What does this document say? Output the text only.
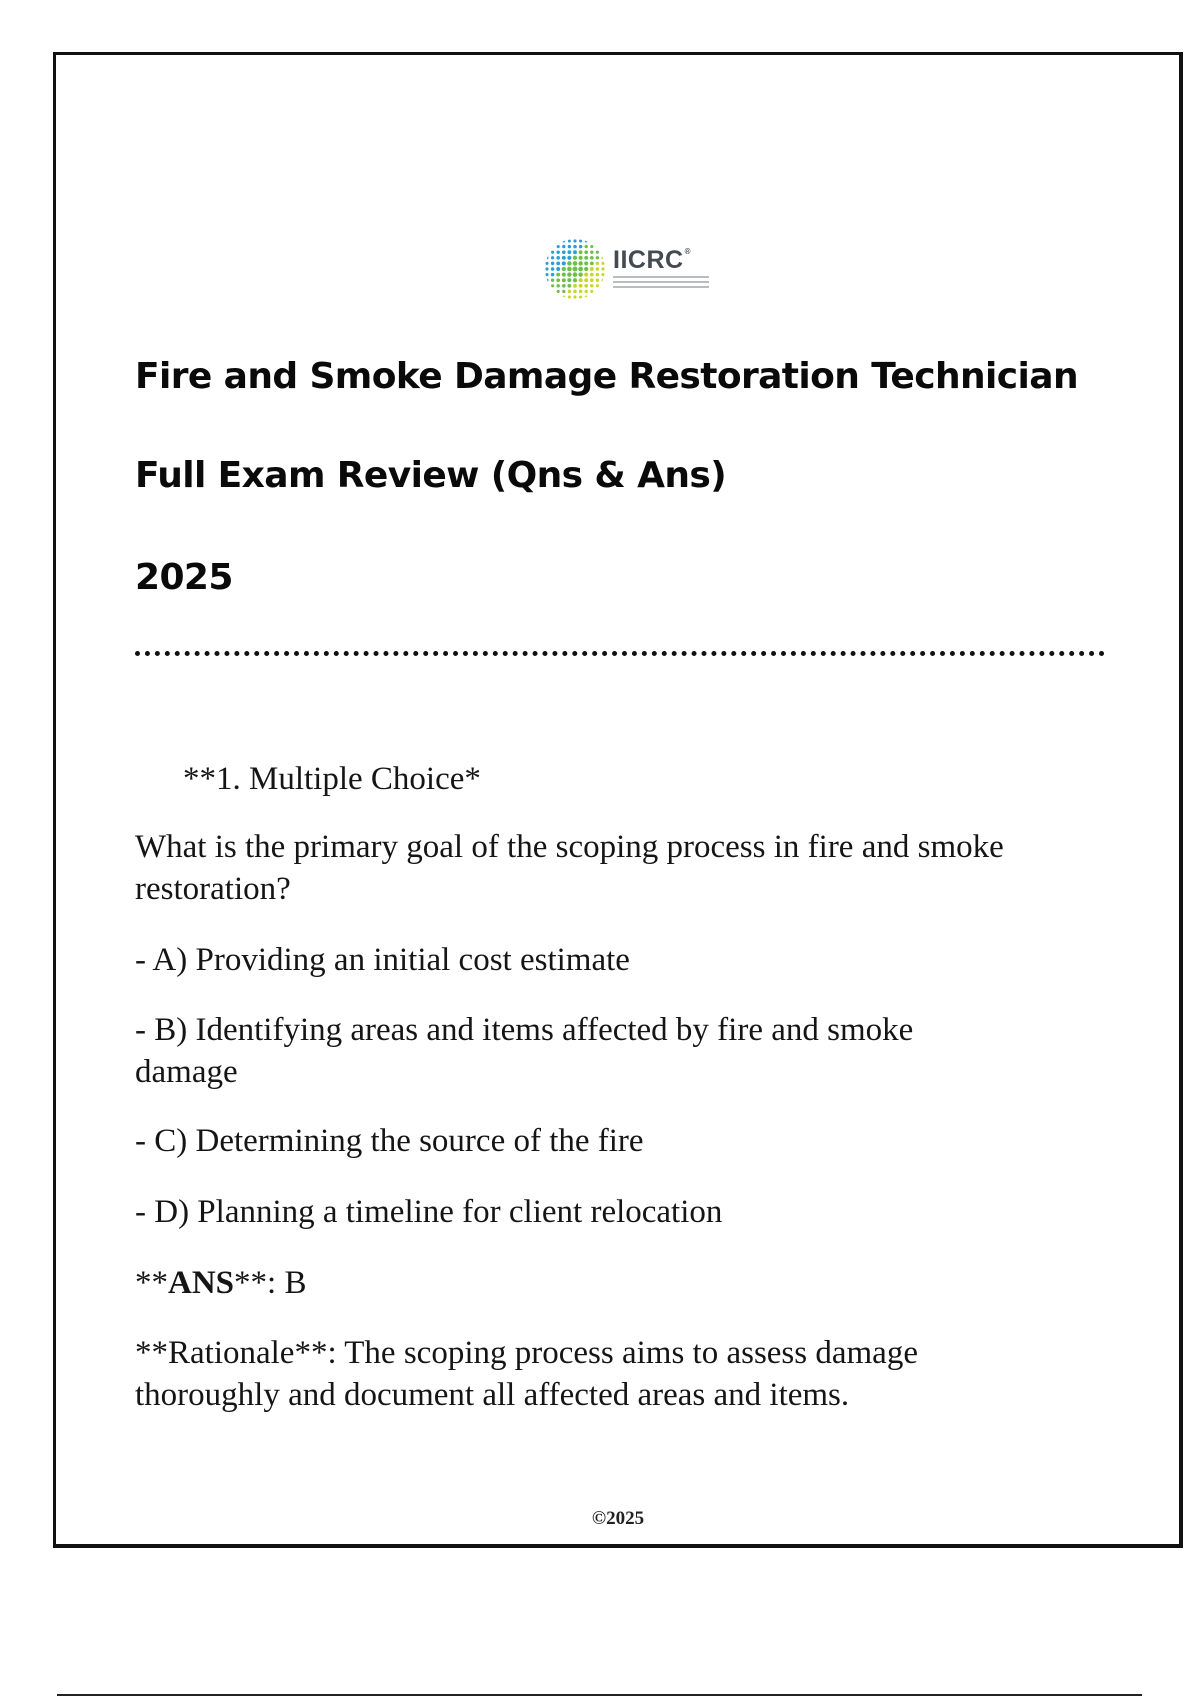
IICRC®
Fire and Smoke Damage Restoration Technician
Full Exam Review (Qns & Ans)
2025

**1. Multiple Choice*

What is the primary goal of the scoping process in fire and smoke restoration?

- A) Providing an initial cost estimate

- B) Identifying areas and items affected by fire and smoke damage

- C) Determining the source of the fire

- D) Planning a timeline for client relocation

**ANS**: B

**Rationale**: The scoping process aims to assess damage thoroughly and document all affected areas and items.

©2025
